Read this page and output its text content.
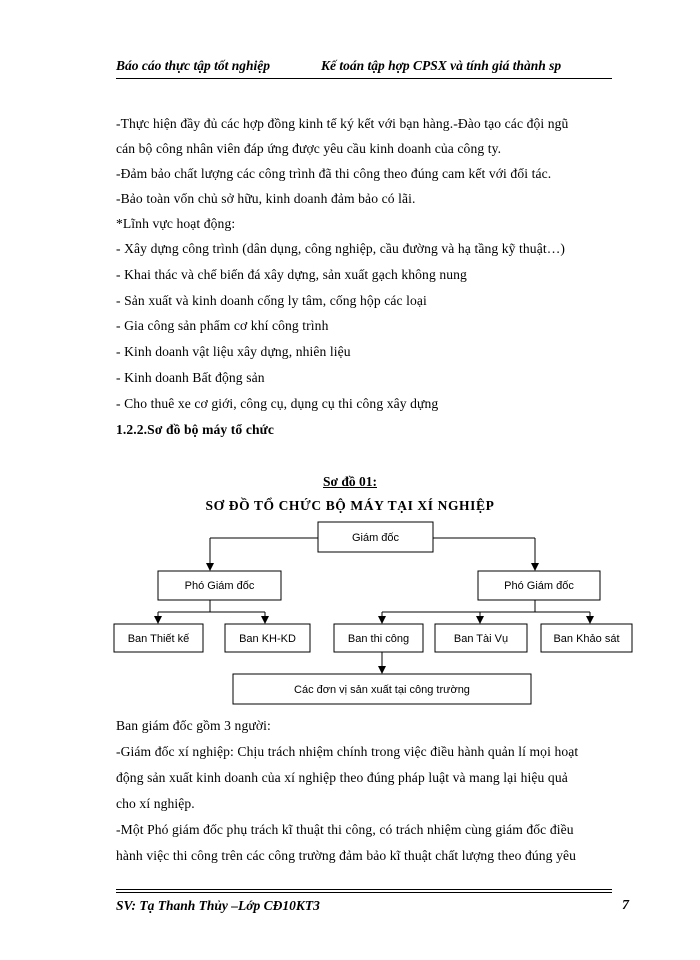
Báo cáo thực tập tốt nghiệp	Kế toán tập hợp CPSX và tính giá thành sp
-Thực hiện đầy đủ các hợp đồng kinh tế ký kết với bạn hàng.-Đào tạo các đội ngũ
cán bộ công nhân viên đáp ứng được yêu cầu kinh doanh của công ty.
-Đảm bảo chất lượng các công trình đã thi công theo đúng cam kết với đối tác.
-Bảo toàn vốn chủ sở hữu, kinh doanh đảm bảo có lãi.
*Lĩnh vực hoạt động:
- Xây dựng công trình (dân dụng, công nghiệp, cầu đường và hạ tầng kỹ thuật…)
- Khai thác và chế biến đá xây dựng, sản xuất gạch không nung
- Sản xuất và kinh doanh cống ly tâm, cống hộp các loại
- Gia công sản phẩm cơ khí công trình
- Kinh doanh vật liệu xây dựng, nhiên liệu
- Kinh doanh Bất động sản
- Cho thuê xe cơ giới, công cụ, dụng cụ thi công xây dựng
1.2.2.Sơ đồ bộ máy tổ chức
Sơ đồ 01:
SƠ ĐỒ TỔ CHỨC BỘ MÁY TẠI XÍ NGHIỆP
Giám đốc
Phó Giám đốc	Phó Giám đốc
Ban Thiết kế	Ban KH-KD	Ban thi công	Ban Tài Vụ	Ban Khảo sát
Các đơn vị sản xuất tại công trường
Ban giám đốc gồm 3 người:
-Giám đốc xí nghiệp: Chịu trách nhiệm chính trong việc điều hành quản lí mọi hoạt
động sản xuất kinh doanh của xí nghiệp theo đúng pháp luật và mang lại hiệu quả
cho xí nghiệp.
-Một Phó giám đốc phụ trách kĩ thuật thi công, có trách nhiệm cùng giám đốc điều
hành việc thi công trên các công trường đảm bảo kĩ thuật chất lượng theo đúng yêu
SV: Tạ Thanh Thủy –Lớp CĐ10KT3	7
